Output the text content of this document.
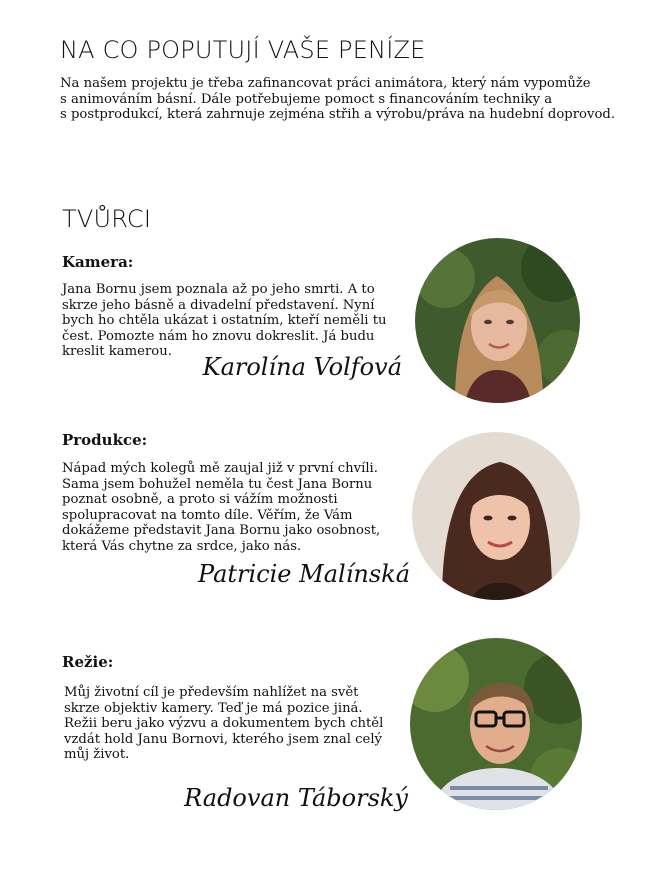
NA CO POPUTUJÍ VAŠE PENÍZE
Na našem projektu je třeba zafinancovat práci animátora, který nám vypomůže
s animováním básní. Dále potřebujeme pomoct s financováním techniky a
s postprodukcí, která zahrnuje zejména střih a výrobu/práva na hudební doprovod.
TVŮRCI
Kamera:
Jana Bornu jsem poznala až po jeho smrti. A to
skrze jeho básně a divadelní představení. Nyní
bych ho chtěla ukázat i ostatním, kteří neměli tu
čest. Pomozte nám ho znovu dokreslit. Já budu
kreslit kamerou.
Karolína Volfová
Produkce:
Nápad mých kolegů mě zaujal již v první chvíli.
Sama jsem bohužel neměla tu čest Jana Bornu
poznat osobně, a proto si vážím možnosti
spolupracovat na tomto díle. Věřím, že Vám
dokážeme představit Jana Bornu jako osobnost,
která Vás chytne za srdce, jako nás.
Patricie Malínská
Režie:
Můj životní cíl je především nahlížet na svět
skrze objektiv kamery. Teď je má pozice jiná.
Režii beru jako výzvu a dokumentem bych chtěl
vzdát hold Janu Bornovi, kterého jsem znal celý
můj život.
Radovan Táborský
